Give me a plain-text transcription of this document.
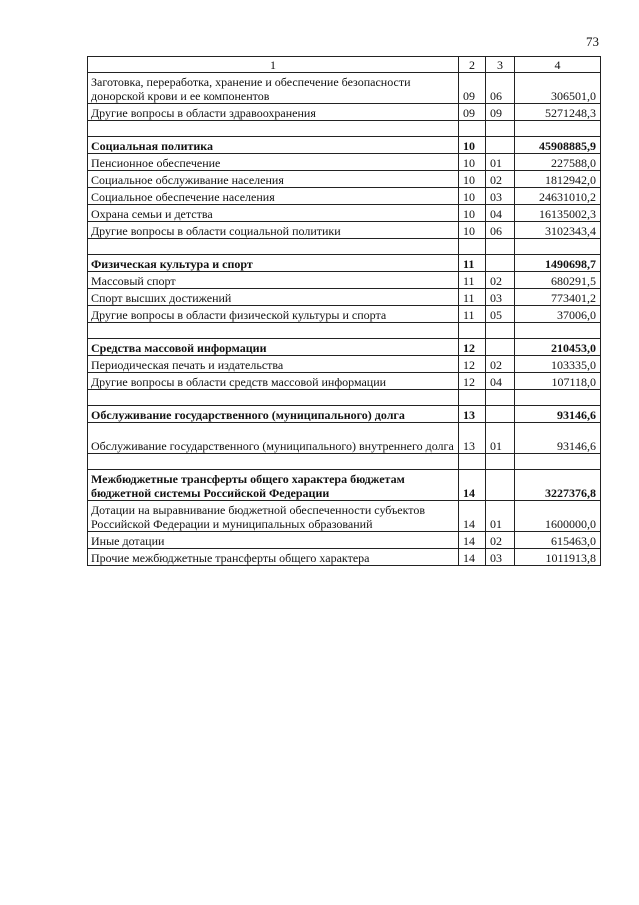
73
1	2	3	4
Заготовка, переработка, хранение и обеспечение безопасности донорской крови и ее компонентов	09	06	306501,0
Другие вопросы в области здравоохранения	09	09	5271248,3

Социальная политика	10		45908885,9
Пенсионное обеспечение	10	01	227588,0
Социальное обслуживание населения	10	02	1812942,0
Социальное обеспечение населения	10	03	24631010,2
Охрана семьи и детства	10	04	16135002,3
Другие вопросы в области социальной политики	10	06	3102343,4

Физическая культура и спорт	11		1490698,7
Массовый спорт	11	02	680291,5
Спорт высших достижений	11	03	773401,2
Другие вопросы в области физической культуры и спорта	11	05	37006,0

Средства массовой информации	12		210453,0
Периодическая печать и издательства	12	02	103335,0
Другие вопросы в области средств массовой информации	12	04	107118,0

Обслуживание государственного (муниципального) долга	13		93146,6
Обслуживание государственного (муниципального) внутреннего долга	13	01	93146,6

Межбюджетные трансферты общего характера бюджетам бюджетной системы Российской Федерации	14		3227376,8
Дотации на выравнивание бюджетной обеспеченности субъектов Российской Федерации и муниципальных образований	14	01	1600000,0
Иные дотации	14	02	615463,0
Прочие межбюджетные трансферты общего характера	14	03	1011913,8
